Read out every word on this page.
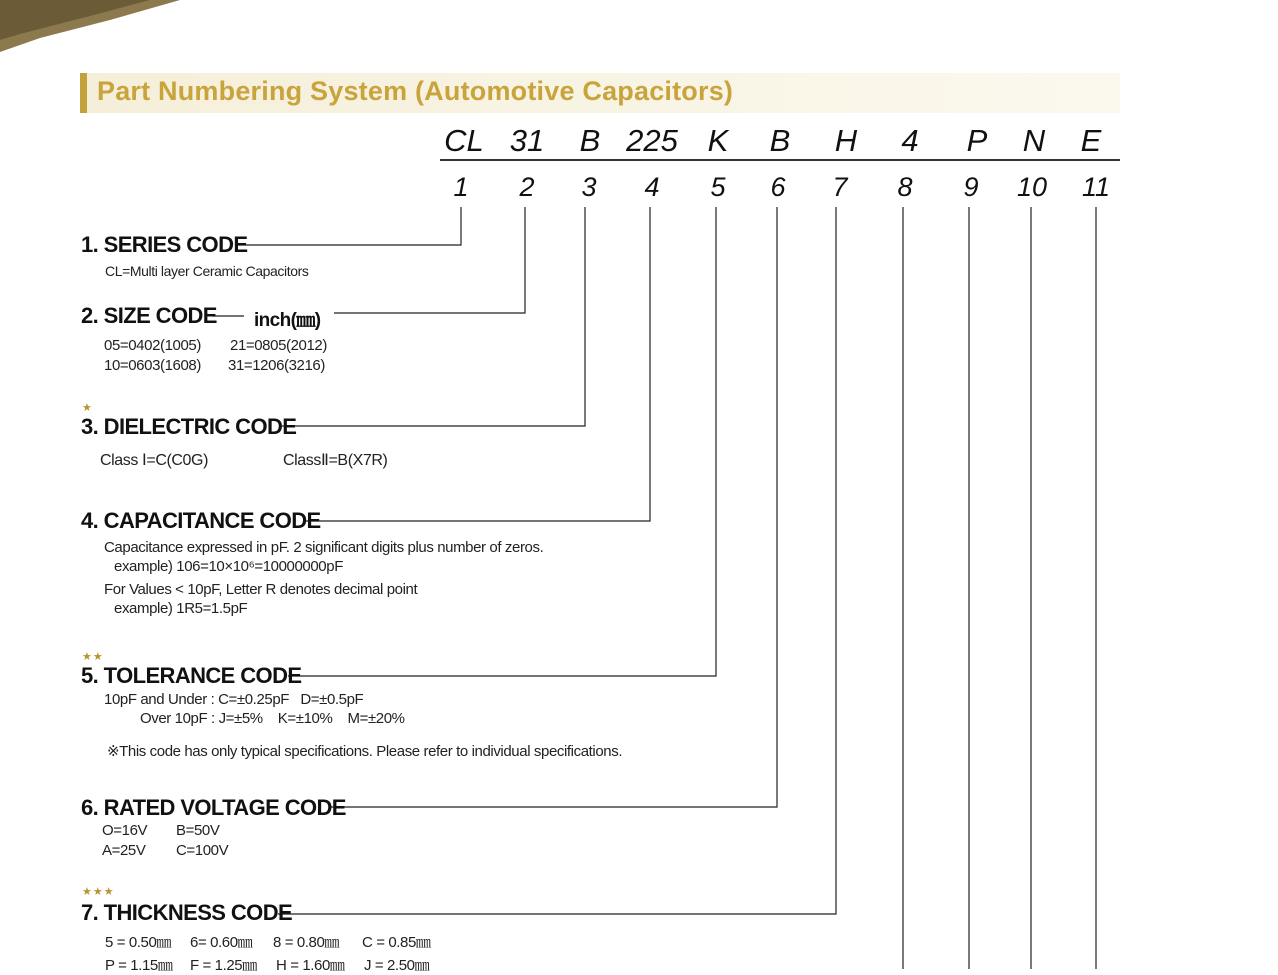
Part Numbering System (Automotive Capacitors)
CL 31 B 225 K B H	4	P N E
1 2 3 4 5 6 7 8 9 10 11
1. SERIES CODE
CL=Multi layer Ceramic Capacitors
2. SIZE CODE inch(㎜)
05=0402(1005) 21=0805(2012)
10=0603(1608) 31=1206(3216)
★
3. DIELECTRIC CODE
Class Ⅰ=C(C0G)	ClassⅡ=B(X7R)
4. CAPACITANCE CODE
Capacitance expressed in pF. 2 significant digits plus number of zeros.
example) 106=10×10⁶=10000000pF
For Values < 10pF, Letter R denotes decimal point
example) 1R5=1.5pF
★★
5. TOLERANCE CODE
10pF and Under : C=±0.25pF   D=±0.5pF
Over 10pF : J=±5%    K=±10%    M=±20%
※This code has only typical specifications. Please refer to individual specifications.
6. RATED VOLTAGE CODE
O=16V B=50V
A=25V C=100V
★★★
7. THICKNESS CODE
5 = 0.50㎜ 6= 0.60㎜ 8 = 0.80㎜ C = 0.85㎜
P = 1.15㎜ F = 1.25㎜ H = 1.60㎜ J = 2.50㎜
